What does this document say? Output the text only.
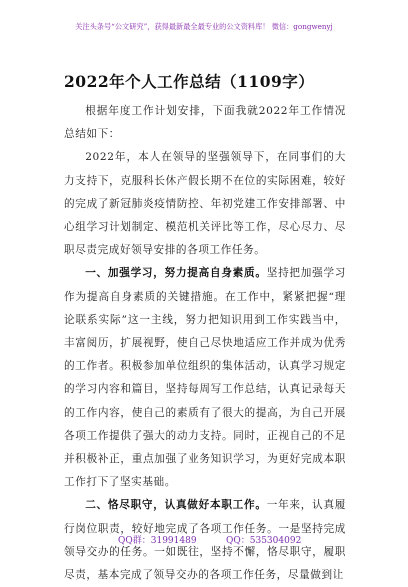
关注头条号“公文研究”，获得最新最全最专业的公文资料库！ 微信：gongwenyj
2022年个人工作总结（1109字）

根据年度工作计划安排，下面我就2022年工作情况总结如下：

2022年，本人在领导的坚强领导下，在同事们的大力支持下，克服科长休产假长期不在位的实际困难，较好的完成了新冠肺炎疫情防控、年初党建工作安排部署、中心组学习计划制定、模范机关评比等工作，尽心尽力、尽职尽责完成好领导安排的各项工作任务。

一、加强学习，努力提高自身素质。坚持把加强学习作为提高自身素质的关键措施。在工作中，紧紧把握“理论联系实际”这一主线，努力把知识用到工作实践当中，丰富阅历，扩展视野，使自己尽快地适应工作并成为优秀的工作者。积极参加单位组织的集体活动，认真学习规定的学习内容和篇目，坚持每周写工作总结，认真记录每天的工作内容，使自己的素质有了很大的提高，为自己开展各项工作提供了强大的动力支持。同时，正视自己的不足并积极补正，重点加强了业务知识学习，为更好完成本职工作打下了坚实基础。

二、恪尽职守，认真做好本职工作。一年来，认真履行岗位职责，较好地完成了各项工作任务。一是坚持完成领导交办的任务。一如既往，坚持不懈，恪尽职守，履职尽责，基本完成了领导交办的各项工作任务，尽量做到让

QQ群：31991489	QQ：535304092
